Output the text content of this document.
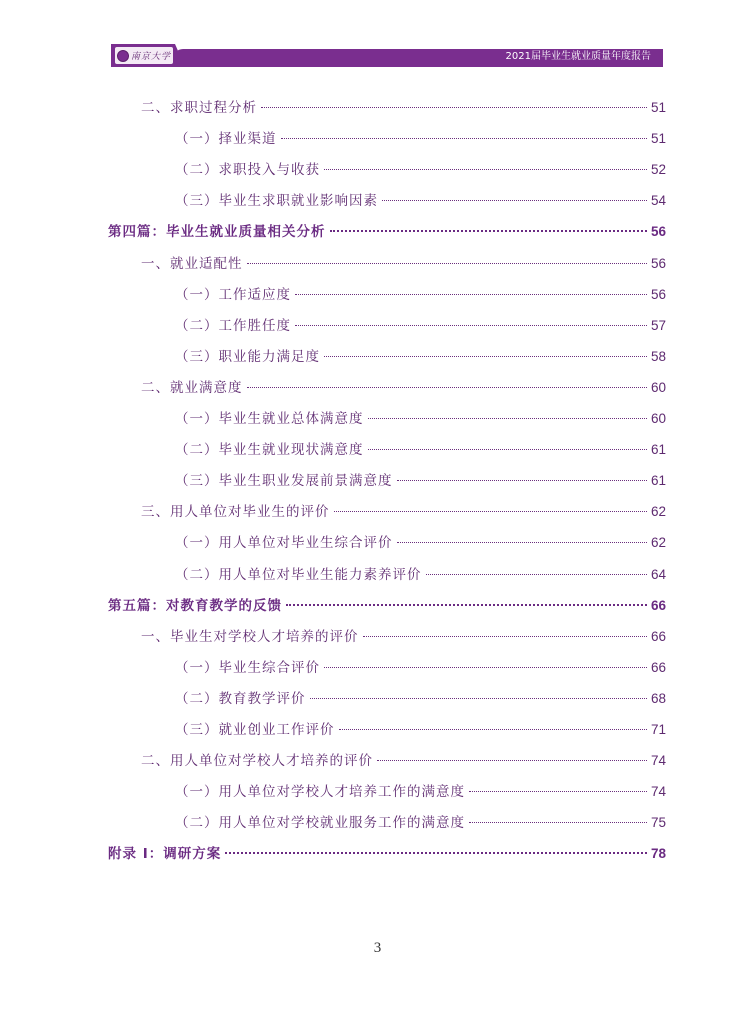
南京大学	2021届毕业生就业质量年度报告
二、求职过程分析	51
（一）择业渠道	51
（二）求职投入与收获	52
（三）毕业生求职就业影响因素	54
第四篇：毕业生就业质量相关分析	56
一、就业适配性	56
（一）工作适应度	56
（二）工作胜任度	57
（三）职业能力满足度	58
二、就业满意度	60
（一）毕业生就业总体满意度	60
（二）毕业生就业现状满意度	61
（三）毕业生职业发展前景满意度	61
三、用人单位对毕业生的评价	62
（一）用人单位对毕业生综合评价	62
（二）用人单位对毕业生能力素养评价	64
第五篇：对教育教学的反馈	66
一、毕业生对学校人才培养的评价	66
（一）毕业生综合评价	66
（二）教育教学评价	68
（三）就业创业工作评价	71
二、用人单位对学校人才培养的评价	74
（一）用人单位对学校人才培养工作的满意度	74
（二）用人单位对学校就业服务工作的满意度	75
附录 I：调研方案	78
3
